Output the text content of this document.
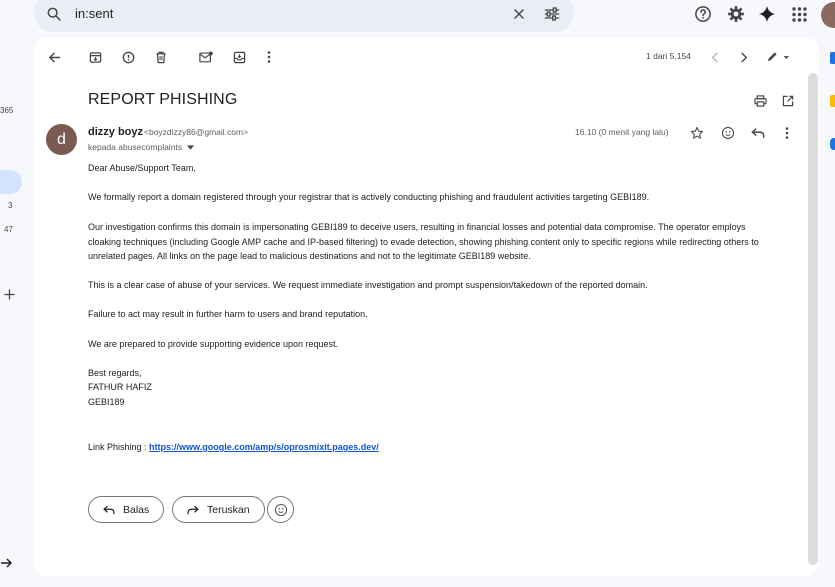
in:sent
365
3
47
1 dari 5.154
REPORT PHISHING
d dizzy boyz <boyzdizzy86@gmail.com>
kepada abusecomplaints
16.10 (0 menit yang lalu)
Dear Abuse/Support Team,
We formally report a domain registered through your registrar that is actively conducting phishing and fraudulent activities targeting GEBI189.
Our investigation confirms this domain is impersonating GEBI189 to deceive users, resulting in financial losses and potential data compromise. The operator employs cloaking techniques (including Google AMP cache and IP-based filtering) to evade detection, showing phishing content only to specific regions while redirecting others to unrelated pages. All links on the page lead to malicious destinations and not to the legitimate GEBI189 website.
This is a clear case of abuse of your services. We request immediate investigation and prompt suspension/takedown of the reported domain.
Failure to act may result in further harm to users and brand reputation.
We are prepared to provide supporting evidence upon request.
Best regards,
FATHUR HAFIZ
GEBI189
Link Phishing : https://www.google.com/amp/s/oprosmixit.pages.dev/
Balas	Teruskan
